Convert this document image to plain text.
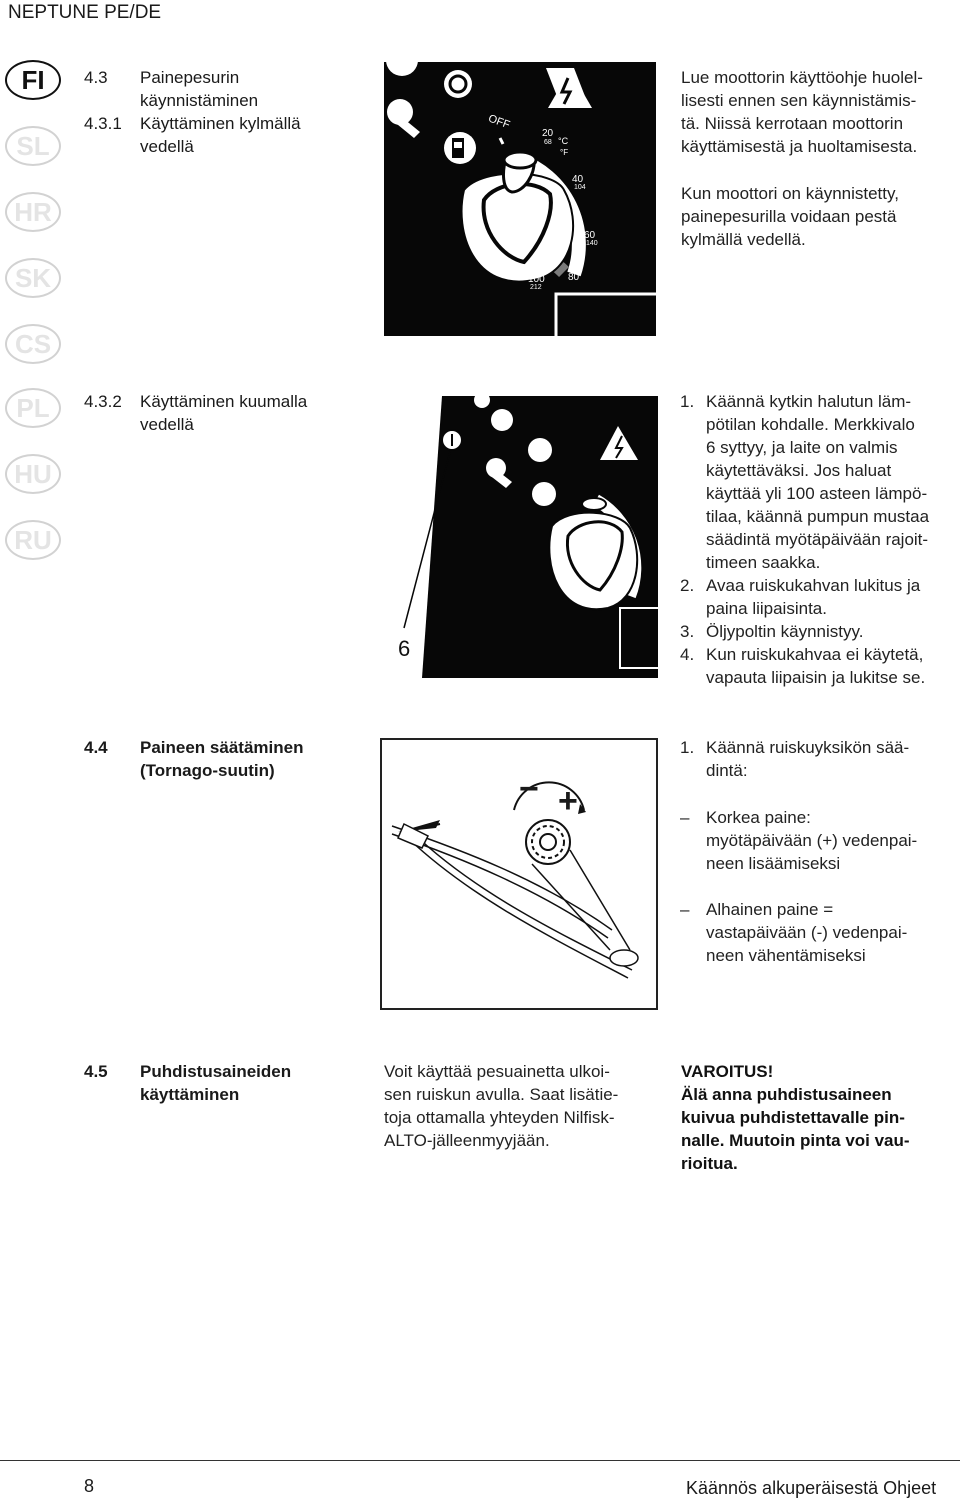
NEPTUNE PE/DE
FI
SL
HR
SK
CS
PL
HU
RU
4.3 Painepesurin
käynnistäminen
4.3.1 Käyttäminen kylmällä
vedellä
OFF
20
68 °C
°F
40
104
60
140
80
100
212
Lue moottorin käyttöohje huolel-
lisesti ennen sen käynnistämis-
tä. Niissä kerrotaan moottorin
käyttämisestä ja huoltamisesta.
Kun moottori on käynnistetty,
painepesurilla voidaan pestä
kylmällä vedellä.
4.3.2 Käyttäminen kuumalla
vedellä
6
1. Käännä kytkin halutun läm-
pötilan kohdalle. Merkkivalo
6 syttyy, ja laite on valmis
käytettäväksi. Jos haluat
käyttää yli 100 asteen lämpö-
tilaa, käännä pumpun mustaa
säädintä myötäpäivään rajoit-
timeen saakka.
2. Avaa ruiskukahvan lukitus ja
paina liipaisinta.
3. Öljypoltin käynnistyy.
4. Kun ruiskukahvaa ei käytetä,
vapauta liipaisin ja lukitse se.
4.4 Paineen säätäminen
(Tornago-suutin)	− +
1. Käännä ruiskuyksikön sää-
dintä:
– Korkea paine:
myötäpäivään (+) vedenpai-
neen lisäämiseksi
– Alhainen paine =
vastapäivään (-) vedenpai-
neen vähentämiseksi
4.5 Puhdistusaineiden
käyttäminen
Voit käyttää pesuainetta ulkoi-
sen ruiskun avulla. Saat lisätie-
toja ottamalla yhteyden Nilfisk-
ALTO-jälleenmyyjään.
VAROITUS!
Älä anna puhdistusaineen
kuivua puhdistettavalle pin-
nalle. Muutoin pinta voi vau-
rioitua.
8	Käännös alkuperäisestä Ohjeet
